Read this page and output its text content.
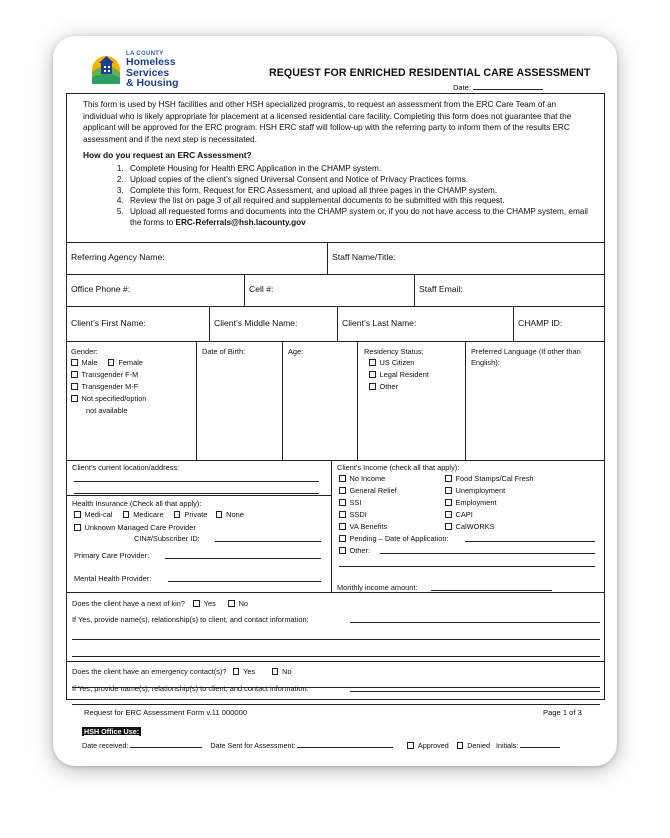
LA COUNTY
Homeless
Services
& Housing
REQUEST FOR ENRICHED RESIDENTIAL CARE ASSESSMENT
Date:

This form is used by HSH facilities and other HSH specialized programs, to request an assessment from the ERC Care Team of an individual who is likely appropriate for placement at a licensed residential care facility. Completing this form does not guarantee that the applicant will be approved for the ERC program. HSH ERC staff will follow-up with the referring party to inform them of the results ERC assessment and if the next step is necessitated.

How do you request an ERC Assessment?

1. Complete Housing for Health ERC Application in the CHAMP system.
2. Upload copies of the client’s signed Universal Consent and Notice of Privacy Practices forms.
3. Complete this form, Request for ERC Assessment, and upload all three pages in the CHAMP system.
4. Review the list on page 3 of all required and supplemental documents to be submitted with this request.
5. Upload all requested forms and documents into the CHAMP system or, if you do not have access to the CHAMP system, email the forms to ERC-Referrals@hsh.lacounty.gov
Referring Agency Name:	Staff Name/Title:
Office Phone #:	Cell #:	Staff Email:
Client’s First Name:	Client’s Middle Name:	Client’s Last Name:	CHAMP ID:
Gender:
Male	Female
Transgender F-M
Transgender M-F
Not specified/option
not available
Date of Birth:	Age:	Residency Status:
US Citizen
Legal Resident
Other
Preferred Language (If other than English):
Client’s current location/address:
Health Insurance (Check all that apply):
Medi-cal	Medicare	Private	None
Unknown Managed Care Provider
CIN#/Subscriber ID:
Primary Care Provider:
Mental Health Provider:
Client’s Income (check all that apply):
No Income
General Relief
SSI
SSDI
VA Benefits
Food Stamps/Cal Fresh
Unemployment
Employment
CAPI
CalWORKS
Pending – Date of Application:
Other:
Monthly income amount:
Does the client have a next of kin?	Yes	No
If Yes, provide name(s), relationship(s) to client, and contact information:
Does the client have an emergency contact(s)? Yes	No
If Yes, provide name(s), relationship(s) to client, and contact information:
Request for ERC Assessment Form v.11 000000	Page 1 of 3
HSH Office Use:
Date received:	Date Sent for Assessment:	Approved	Denied Initials:
